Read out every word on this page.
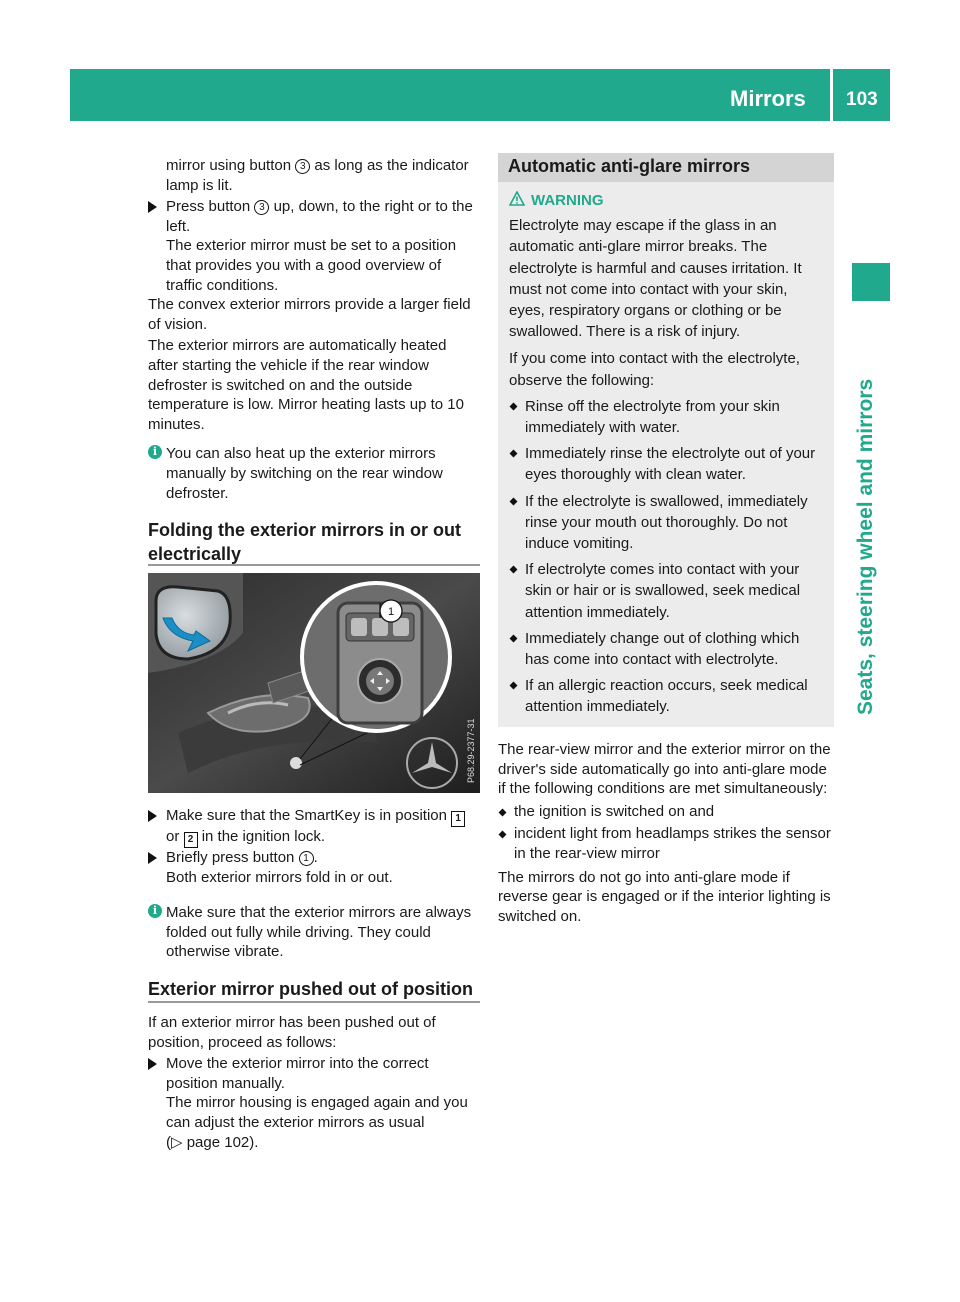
Mirrors 103
Seats, steering wheel and mirrors

mirror using button 3 as long as the indicator lamp is lit.

Press button 3 up, down, to the right or to the left.
The exterior mirror must be set to a position that provides you with a good overview of traffic conditions.

The convex exterior mirrors provide a larger field of vision.

The exterior mirrors are automatically heated after starting the vehicle if the rear window defroster is switched on and the outside temperature is low. Mirror heating lasts up to 10 minutes.

i You can also heat up the exterior mirrors manually by switching on the rear window defroster.
Folding the exterior mirrors in or out electrically
1
P68.29-2377-31
Make sure that the SmartKey is in position 1 or 2 in the ignition lock.
Briefly press button 1 .
Both exterior mirrors fold in or out.
i Make sure that the exterior mirrors are always folded out fully while driving. They could otherwise vibrate.
Exterior mirror pushed out of position

If an exterior mirror has been pushed out of position, proceed as follows:

Move the exterior mirror into the correct position manually.
The mirror housing is engaged again and you can adjust the exterior mirrors as usual
(▷ page 102).
Automatic anti-glare mirrors
WARNING

Electrolyte may escape if the glass in an automatic anti-glare mirror breaks. The electrolyte is harmful and causes irritation. It must not come into contact with your skin, eyes, respiratory organs or clothing or be swallowed. There is a risk of injury.

If you come into contact with the electrolyte, observe the following:

Rinse off the electrolyte from your skin immediately with water.
Immediately rinse the electrolyte out of your eyes thoroughly with clean water.
If the electrolyte is swallowed, immediately rinse your mouth out thoroughly. Do not induce vomiting.
If electrolyte comes into contact with your skin or hair or is swallowed, seek medical attention immediately.
Immediately change out of clothing which has come into contact with electrolyte.
If an allergic reaction occurs, seek medical attention immediately.

The rear-view mirror and the exterior mirror on the driver's side automatically go into anti-glare mode if the following conditions are met simultaneously:

the ignition is switched on and
incident light from headlamps strikes the sensor in the rear-view mirror

The mirrors do not go into anti-glare mode if reverse gear is engaged or if the interior lighting is switched on.
